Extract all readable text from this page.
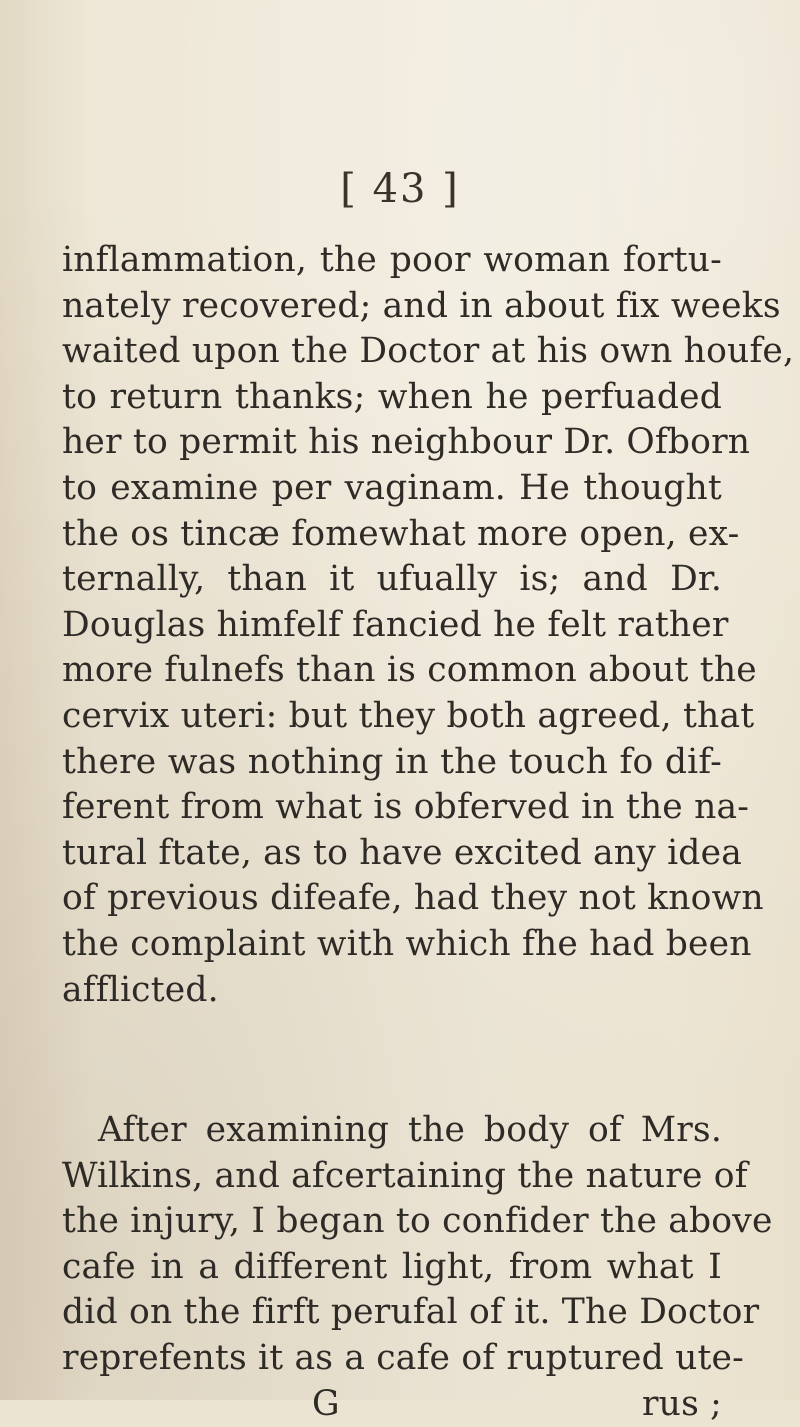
[ 43 ]
inflammation, the poor woman fortu-
nately recovered; and in about fix weeks
waited upon the Doctor at his own houfe,
to return thanks; when he perfuaded
her to permit his neighbour Dr. Ofborn
to examine per vaginam. He thought
the os tincæ fomewhat more open, ex-
ternally, than it ufually is; and Dr.
Douglas himfelf fancied he felt rather
more fulnefs than is common about the
cervix uteri: but they both agreed, that
there was nothing in the touch fo dif-
ferent from what is obferved in the na-
tural ftate, as to have excited any idea
of previous difeafe, had they not known
the complaint with which fhe had been
afflicted.
After examining the body of Mrs.
Wilkins, and afcertaining the nature of
the injury, I began to confider the above
cafe in a different light, from what I
did on the firft perufal of it. The Doctor
reprefents it as a cafe of ruptured ute-
G	rus ;
